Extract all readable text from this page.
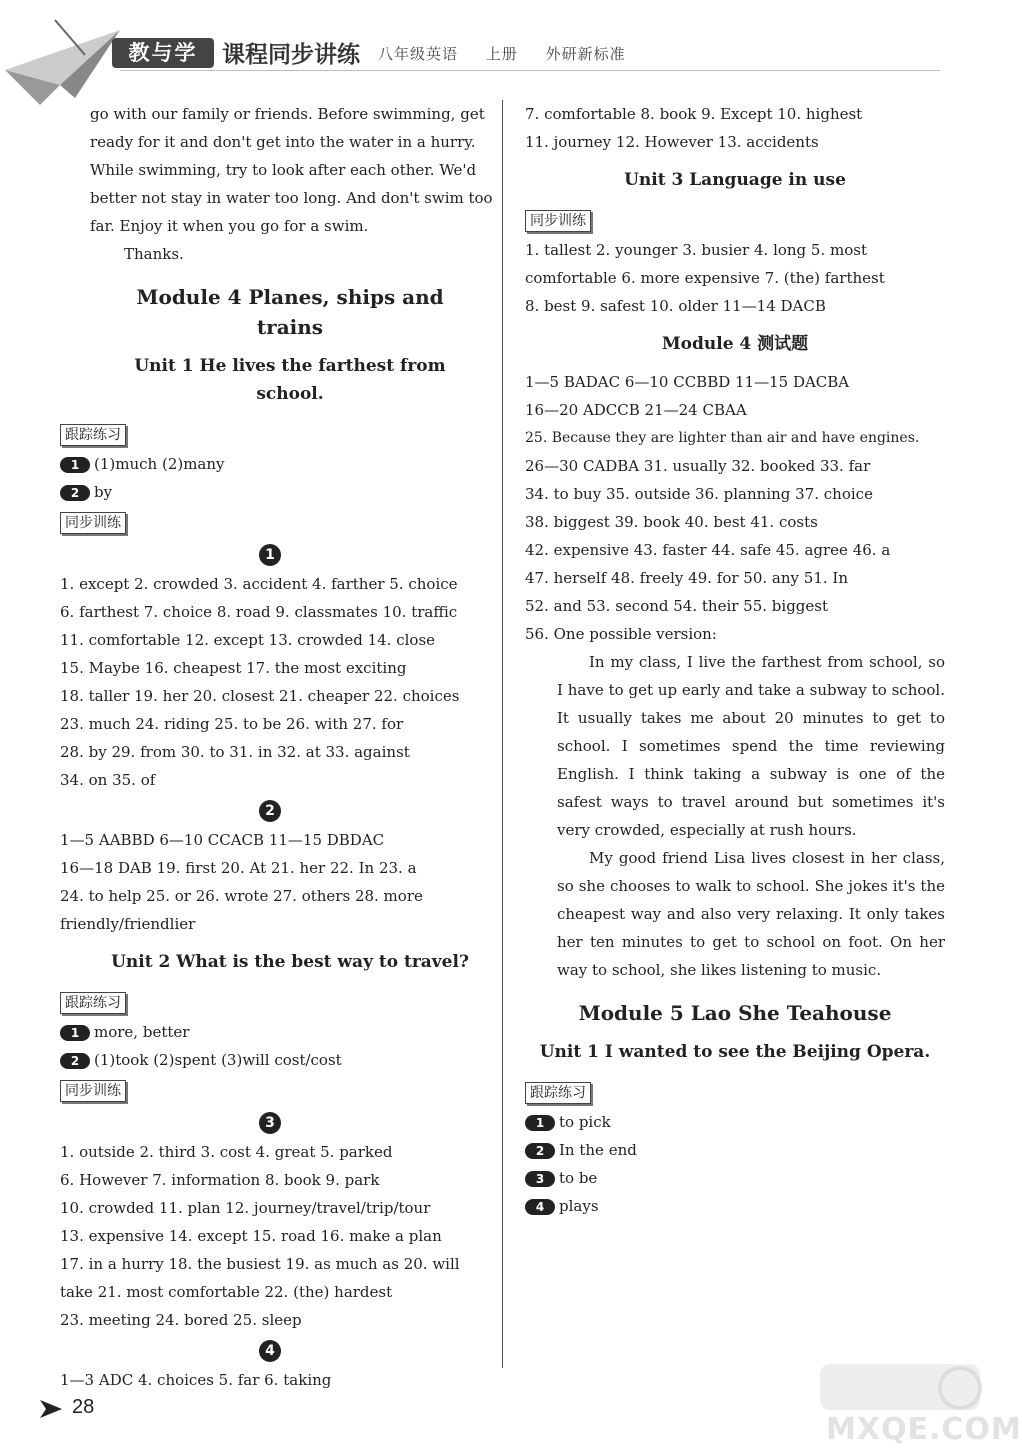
教与学	课程同步讲练 八年级英语 上册 外研新标准
go with our family or friends. Before swimming, get
ready for it and don't get into the water in a hurry.
While swimming, try to look after each other. We'd
better not stay in water too long. And don't swim too
far. Enjoy it when you go for a swim.
Thanks.
Module 4 Planes, ships and trains
Unit 1 He lives the farthest from school.
跟踪练习
1 (1)much (2)many
2 by
同步训练
1
1. except 2. crowded 3. accident 4. farther 5. choice
6. farthest 7. choice 8. road 9. classmates 10. traffic
11. comfortable 12. except 13. crowded 14. close
15. Maybe 16. cheapest 17. the most exciting
18. taller 19. her 20. closest 21. cheaper 22. choices
23. much 24. riding 25. to be 26. with 27. for
28. by 29. from 30. to 31. in 32. at 33. against
34. on 35. of
2
1—5 AABBD 6—10 CCACB 11—15 DBDAC
16—18 DAB 19. first 20. At 21. her 22. In 23. a
24. to help 25. or 26. wrote 27. others 28. more
friendly/friendlier
Unit 2 What is the best way to travel?
跟踪练习
1 more, better
2 (1)took (2)spent (3)will cost/cost
同步训练
3
1. outside 2. third 3. cost 4. great 5. parked
6. However 7. information 8. book 9. park
10. crowded 11. plan 12. journey/travel/trip/tour
13. expensive 14. except 15. road 16. make a plan
17. in a hurry 18. the busiest 19. as much as 20. will
take 21. most comfortable 22. (the) hardest
23. meeting 24. bored 25. sleep
4
1—3 ADC 4. choices 5. far 6. taking
7. comfortable 8. book 9. Except 10. highest
11. journey 12. However 13. accidents
Unit 3 Language in use
同步训练
1. tallest 2. younger 3. busier 4. long 5. most
comfortable 6. more expensive 7. (the) farthest
8. best 9. safest 10. older 11—14 DACB
Module 4 测试题
1—5 BADAC 6—10 CCBBD 11—15 DACBA
16—20 ADCCB 21—24 CBAA
25. Because they are lighter than air and have engines.
26—30 CADBA 31. usually 32. booked 33. far
34. to buy 35. outside 36. planning 37. choice
38. biggest 39. book 40. best 41. costs
42. expensive 43. faster 44. safe 45. agree 46. a
47. herself 48. freely 49. for 50. any 51. In
52. and 53. second 54. their 55. biggest
56. One possible version:
In my class, I live the farthest from school, so I have to get up early and take a subway to school. It usually takes me about 20 minutes to get to school. I sometimes spend the time reviewing English. I think taking a subway is one of the safest ways to travel around but sometimes it's very crowded, especially at rush hours.
My good friend Lisa lives closest in her class, so she chooses to walk to school. She jokes it's the cheapest way and also very relaxing. It only takes her ten minutes to get to school on foot. On her way to school, she likes listening to music.
Module 5 Lao She Teahouse
Unit 1 I wanted to see the Beijing Opera.
跟踪练习
1 to pick
2 In the end
3 to be
4 plays
28
MXQE.COM
